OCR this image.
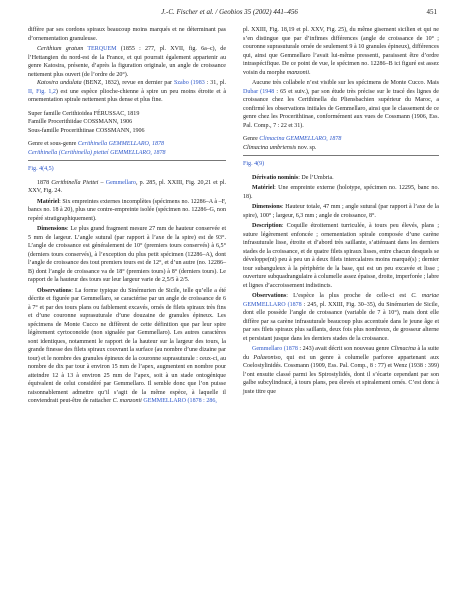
J.-C. Fischer et al. / Geobios 35 (2002) 441–456	451

diffère par ses cordons spiraux beaucoup moins marqués et ne déterminant pas d’ornementation granuleuse.

Cerithium gratum TERQUEM (1855 : 277, pl. XVII, fig. 6a–c), de l’Hettangien du nord-est de la France, et qui pourrait également appartenir au genre Katosira, présente, d’après la figuration originale, un angle de croissance nettement plus ouvert (de l’ordre de 20°).

Katosira undulata (BENZ, 1832), revue en dernier par Szabo (1983 : 31, pl. II, Fig. 1,2) est une espèce plioche-chienne à spire un peu moins étroite et à ornementation spirale nettement plus dense et plus fine.

Super famille Cerithioidea FÉRUSSAC, 1819

Famille Procerithiidae COSSMANN, 1906

Sous-famille Procerithiinae COSSMANN, 1906

Genre et sous-genre Cerithinella GEMMELLARO, 1878

Cerithinella (Cerithinella) pietteí GEMMELLARO, 1878

Fig. 4(4,5)

1878 Cerithinella Piettei – Gemmellaro, p. 285, pl. XXIII, Fig. 20,21 et pl. XXV, Fig. 24.

Matériel: Six empreintes externes incomplètes (spécimens no. 12286–A à –F, bancs no. 18 à 20), plus une contre-empreinte isolée (spécimen no. 12286–G, non repéré stratigraphiquement).

Dimensions: Le plus grand fragment mesure 27 mm de hauteur conservée et 5 mm de largeur. L’angle sutural (par rapport à l’axe de la spire) est de 93°. L’angle de croissance est généralement de 10° (premiers tours conservés) à 6,5° (derniers tours conservés), à l’exception du plus petit spécimen (12286–A), dont l’angle de croissance des tout premiers tours est de 12°, et d’un autre (no. 12286–B) dont l’angle de croissance va de 18° (premiers tours) à 8° (derniers tours). Le rapport de la hauteur des tours sur leur largeur varie de 2,5/5 à 2/5.

Observations: La forme typique du Sinémurien de Sicile, telle qu’elle a été décrite et figurée par Gemmellaro, se caractérise par un angle de croissance de 6 à 7° et par des tours plans ou faiblement excavés, ornés de filets spiraux très fins et d’une couronne suprasuturale d’une douzaine de granules épineux. Les spécimens de Monte Cucco ne diffèrent de cette définition que par leur spire légèrement cyrtoconoïde (non signalée par Gemmellaro). Les autres caractères sont identiques, notamment le rapport de la hauteur sur la largeur des tours, la grande finesse des filets spiraux couvrant la surface (au nombre d’une dizaine par tour) et le nombre des granules épineux de la couronne suprasuturale : ceux-ci, au nombre de dix par tour à environ 15 mm de l’apex, augmentent en nombre pour atteindre 12 à 13 à environ 25 mm de l’apex, soit à un stade ontogénique équivalent de celui considéré par Gemmellaro. Il semble donc que l’on puisse raisonnablement admettre qu’il s’agit de la même espèce, à laquelle il conviendrait peut-être de rattacher C. manzonii GEMMELLARO (1878 : 286,

pl. XXIII, Fig. 18,19 et pl. XXV, Fig. 25), du même gisement sicilien et qui ne s’en distingue que par d’infimes différences (angle de croissance de 10° ; couronne suprasuturale ornée de seulement 9 à 10 granules épineux), différences qui, ainsi que Gemmellaro l’avait lui-même pressenti, paraissent être d’ordre intraspécifique. De ce point de vue, le spécimen no. 12286–B ici figuré est assez voisin du morphe manzonii.

Aucune très collabele n’est visible sur les spécimens de Monte Cucco. Mais Dubar (1948 : 65 et suiv.), par son étude très précise sur le tracé des lignes de croissance chez les Cerithinella du Pliensbachien supérieur du Maroc, a confirmé les observations initiales de Gemmellaro, ainsi que le classement de ce genre chez les Procerithiinae, conformément aux vues de Cossmann (1906, Ess. Pal. Comp., 7 : 22 et 31).

Genre Climacina GEMMELLARO, 1878

Climacina umbriensis nov. sp.

Fig. 4(9)

Dérivatio nominis: De l’Umbria.

Matériel: Une empreinte externe (holotype, spécimen no. 12295, banc no. 18).

Dimensions: Hauteur totale, 47 mm ; angle sutural (par rapport à l’axe de la spire), 100° ; largeur, 6,3 mm ; angle de croissance, 8°.

Description: Coquille étroitement turriculée, à tours peu élevés, plans ; suture légèrement enfoncée ; ornementation spirale composée d’une carène infrasuturale lisse, étroite et d’abord très saillante, s’atténuant dans les derniers stades de la croissance, et de quatre filets spiraux lisses, entre chacun desquels se développe(nt) peu à peu un à deux filets intercalaires moins marqué(s) ; dernier tour subanguleux à la périphérie de la base, qui est un peu excavée et lisse ; ouverture subquadrangulaire à columelle assez épaisse, droite, imperforée ; labre et lignes d’accroissement indistincts.

Observations: L’espèce la plus proche de celle-ci est C. mariae GEMMELLARO (1878 : 245, pl. XXIII, Fig. 30–35), du Sinémurien de Sicile, dont elle possède l’angle de croissance (variable de 7 à 10°), mais dont elle diffère par sa carène infrasuturale beaucoup plus accentuée dans le jeune âge et par ses filets spiraux plus saillants, deux fois plus nombreux, de grosseur alterne et persistant jusque dans les derniers stades de la croissance.

Gemmellaro (1878 : 243) avait décrit son nouveau genre Climacina à la suite du Palaeoniso, qui est un genre à columelle parforee appartenant aux Coelostylinidés. Cossmann (1909, Ess. Pal. Comp., 8 : 77) et Wenz (1938 : 399) l’ont ensuite classé parmi les Spirostylidés, dont il s’écarte cependant par son galbe subcylindracé, à tours plans, peu élevés et spiralement ornés. C’est donc à juste titre que
